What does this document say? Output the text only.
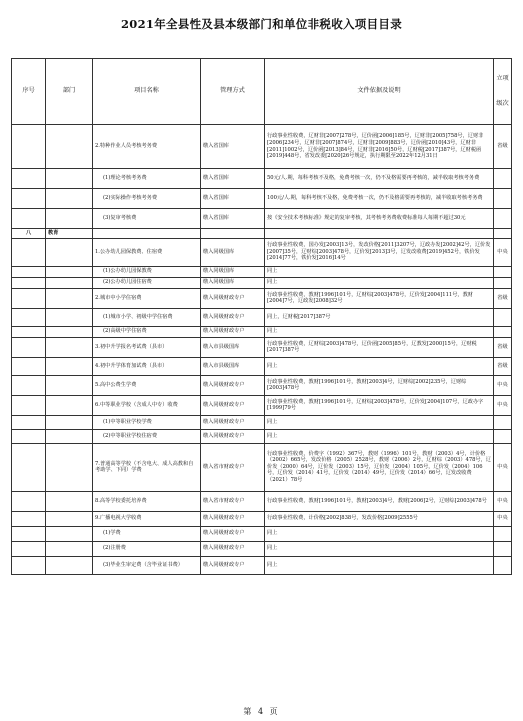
2021年全县性及县本级部门和单位非税收入项目目录
序号	部门	项目名称	管理方式	文件依据及说明	立项
级次

		2.特种作业人员考核考务费	缴入省国库	行政事业性收费，辽财非[2007]278号，辽价函[2006]185号，辽财非[2005]758号，辽财非[2006]234号，辽财非[2007]874号，辽财非[2009]883号，辽价函[2010]43号，辽财非[2011]1002号，辽价函[2013]84号，辽财非[2016]50号，辽财税[2017]387号，辽财税函[2019]448号，省发改委[2020]26号规定，执行期限至2022年12月31日	省级
		(1)理论考核考务费	缴入省国库	50元/人.期，每科考核不及格，免费考核一次，仍不及格需要再考核的，减半收取考核考务费	
		(2)实际操作考核考务费	缴入省国库	100元/人.期，每科考核不及格，免费考核一次，仍不及格需要再考核的，减半收取考核考务费	
		(3)复审考核费	缴入省国库	按《安全技术考核标准》规定的复审考核，其考核考务费收费标准每人每期不超过30元	
八	教育				
		1.公办幼儿园保教费、住宿费	缴入同级国库	行政事业性收费，国办发[2003]13号，发改价格[2011]3207号，辽政办发[2002]42号，辽价发[2007]35号，辽财综[2003]478号，辽价发[2013]3号，辽发改收费[2019]452号，铁价发[2014]77号，铁价发[2016]14号	中央
		(1)公办幼儿园保教费	缴入同级国库	同上	
		(2)公办幼儿园住宿费	缴入同级国库	同上	
		2.城市中小学住宿费	缴入同级财政专户	行政事业性收费，教财[1996]101号，辽财综[2003]478号，辽价发[2004]111号，教财[2004]7号，辽政发[2008]32号	省级
		(1)城市小学、初级中学住宿费	缴入同级财政专户	同上，辽财税[2017]387号	
		(2)高级中学住宿费	缴入同级财政专户	同上	
		3.初中升学报名考试费（县市）	缴入市县级国库	行政事业性收费，辽财综[2003]478号，辽价函[2005]85号，辽教发[2000]15号，辽财税[2017]387号	省级
		4.初中升学体育加试费（县市）	缴入市县级国库	同上	省级
		5.高中公费生学费	缴入同级财政专户	行政事业性收费，教财[1996]101号，教财[2003]4号，辽财综[2002]235号，辽财综[2003]478号	中央
		6.中等职业学校（含成人中专）收费	缴入同级财政专户	行政事业性收费，教财[1996]101号，辽财综[2003]478号，辽价发[2004]107号，辽政办字[1999]79号	中央
		(1)中等职业学校学费	缴入同级财政专户	同上	
		(2)中等职业学校住宿费	缴入同级财政专户	同上	
		7.普通高等学校（不含电大、成人高教和自考助学、下同）学费	缴入省市财政专户	行政事业性收费，价费字（1992）367号，教财（1996）101号，教财（2003）4号，计价格（2002）665号，发改价格（2005）2528号，教财（2006）2号，辽财综（2003）478号，辽价发（2000）64号，辽价发（2003）15号，辽价发（2004）105号，辽价发（2004）106号，辽价发（2014）41号，辽价发（2014）49号，辽价发（2014）66号，辽发改收费（2021）78号	中央
		8.高等学校委托培养费	缴入省市财政专户	行政事业性收费，教财[1996]101号，教财[2003]4号，教财[2006]2号，辽财综[2003]478号	中央
		9.广播电视大学收费	缴入同级财政专户	行政事业性收费，计价格[2002]838号，发改价格[2009]2555号	中央
		(1)学费	缴入同级财政专户	同上	
		(2)注册费	缴入同级财政专户	同上	
		(3)毕业生审定费（含毕业证书费）	缴入同级财政专户	同上	
第 4 页
